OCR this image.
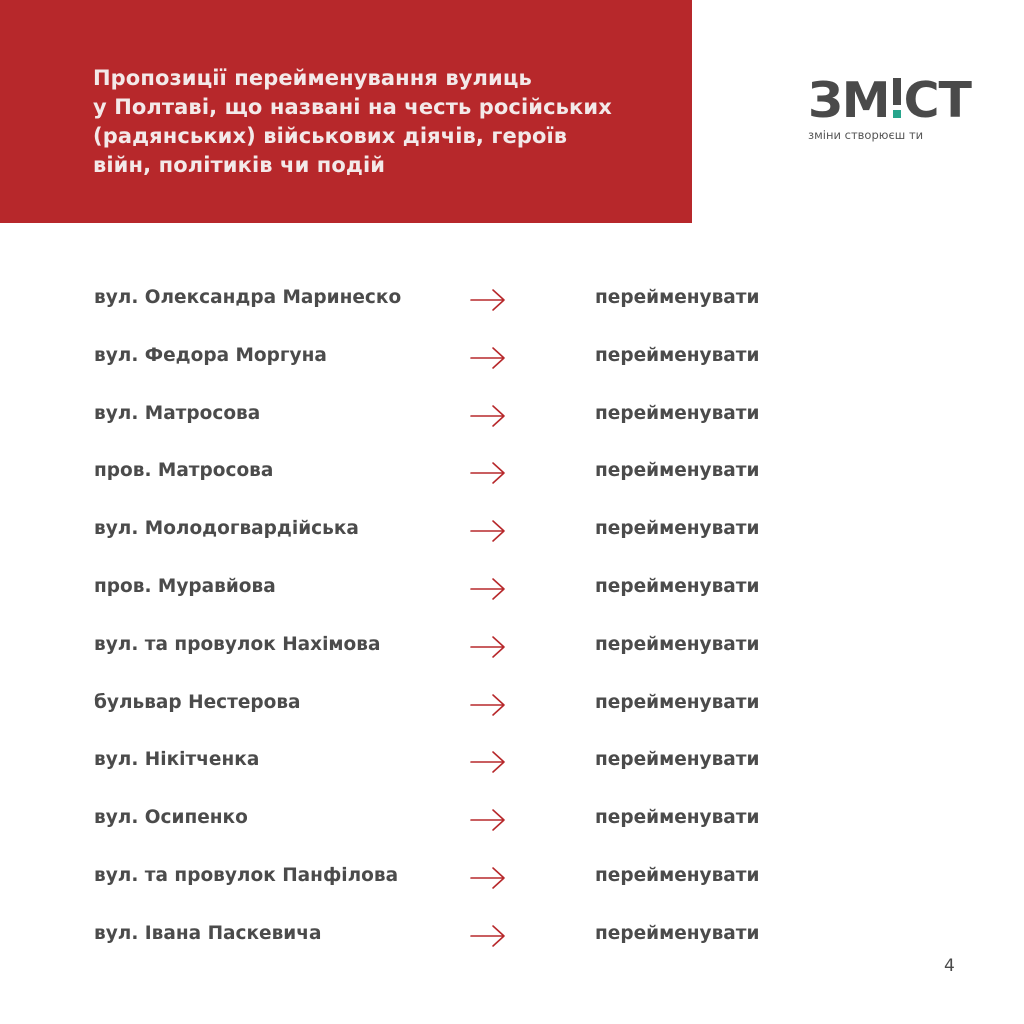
Пропозиції перейменування вулиць
у Полтаві, що названі на честь російських
(радянських) військових діячів, героїв
війн, політиків чи подій
ЗМ СТ
зміни створюєш ти
вул. Олександра Маринеско	перейменувати
вул. Федора Моргуна	перейменувати
вул. Матросова	перейменувати
пров. Матросова	перейменувати
вул. Молодогвардійська	перейменувати
пров. Муравйова	перейменувати
вул. та провулок Нахімова	перейменувати
бульвар Нестерова	перейменувати
вул. Нікітченка	перейменувати
вул. Осипенко	перейменувати
вул. та провулок Панфілова	перейменувати
вул. Івана Паскевича	перейменувати
4
